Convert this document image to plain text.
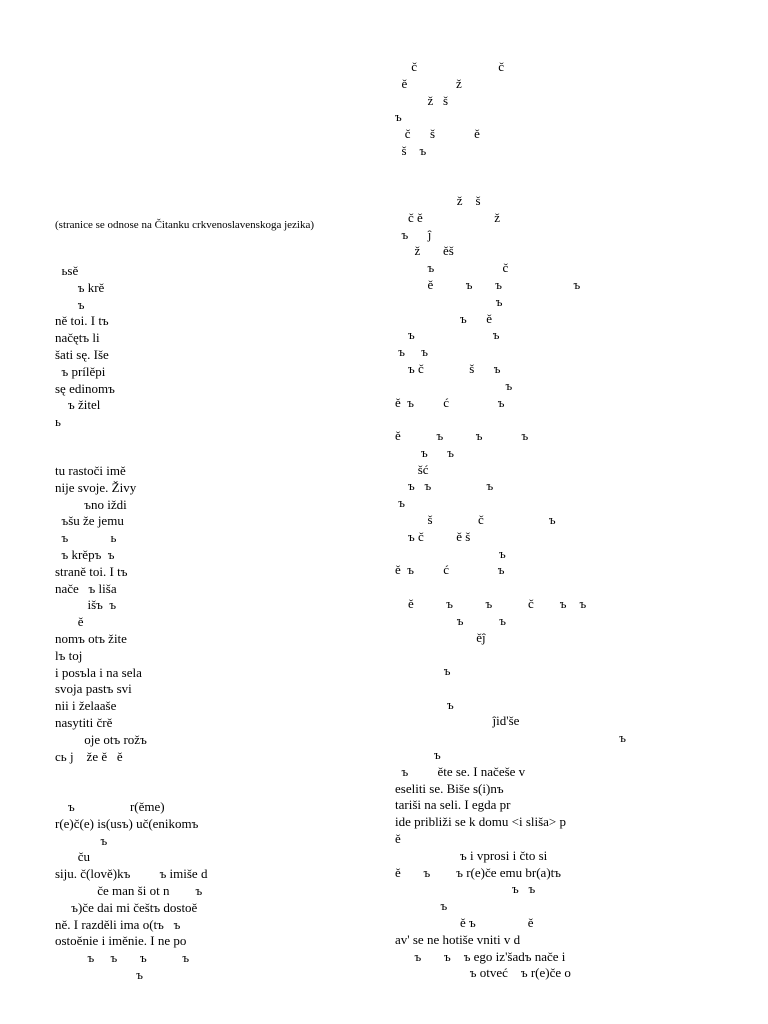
(stranice se odnose na Čitanku crkvenoslavenskoga jezika)
ьsě
ъ krě
ъ
ně toi. I tъ
načętъ lі
šatі sę. Iše
ъ prílěpi
sę edinomъ
ъ žitel
ь
tu rastoči imě
nije svoje. Živy
ъno iždi
ъšu že jemu
ъ             ь
ъ krěpъ  ъ
straně toi. I tъ
nače   ъ liša
išъ  ъ
ě
nomъ otъ žite
lъ toj
i posъla i na sela
svoja pastъ svi
nii i želaaše
nasytiti črě
oje otъ rožъ
сь ј    že ě   ě
ъ                 r(ěme)
r(e)č(e) is(usъ) uč(enikomъ
ъ
ču
siju. č(lově)kъ         ъ imiše d
če man ši ot n        ъ
ъ)če dai mi češtъ dostoě
ně. I razdělі ima o(tъ   ъ
ostoěnie i iměnie. I ne po
ъ     ъ       ъ           ъ
ъ
č                         č
ě               ž
ž   š
ъ
č      š            ě
š    ъ
ž    š
č ě                      ž
ъ      ĵ
ž       ěš
ъ                     č
ě          ъ       ъ                      ъ
ъ
ъ      ě
ъ                        ъ
ъ     ъ
ъ č              š      ъ
ъ
ě  ъ         ć               ъ
ě           ъ          ъ            ъ
ъ      ъ
šć
ъ   ъ                 ъ
ъ
š              č                    ъ
ъ č          ě š
ъ
ě  ъ         ć               ъ
ě          ъ          ъ           č        ъ    ъ
ъ           ъ
ěĵ
ъ
ъ
ĵid'še
ъ
ъ
ъ         ěte se. I načeše v
eseliti se. Biše s(i)nъ
tariši na seli. I egda pr
ide približi se k domu <i sliša> p
ě
ъ i vprosi i čto si
ě       ъ        ъ r(e)če emu br(a)tъ
ъ   ъ
ъ
ě ъ                ě
av' se ne hotiše vniti v d
ъ       ъ    ъ ego iz'šadъ nače i
ъ otveć    ъ r(e)če o
